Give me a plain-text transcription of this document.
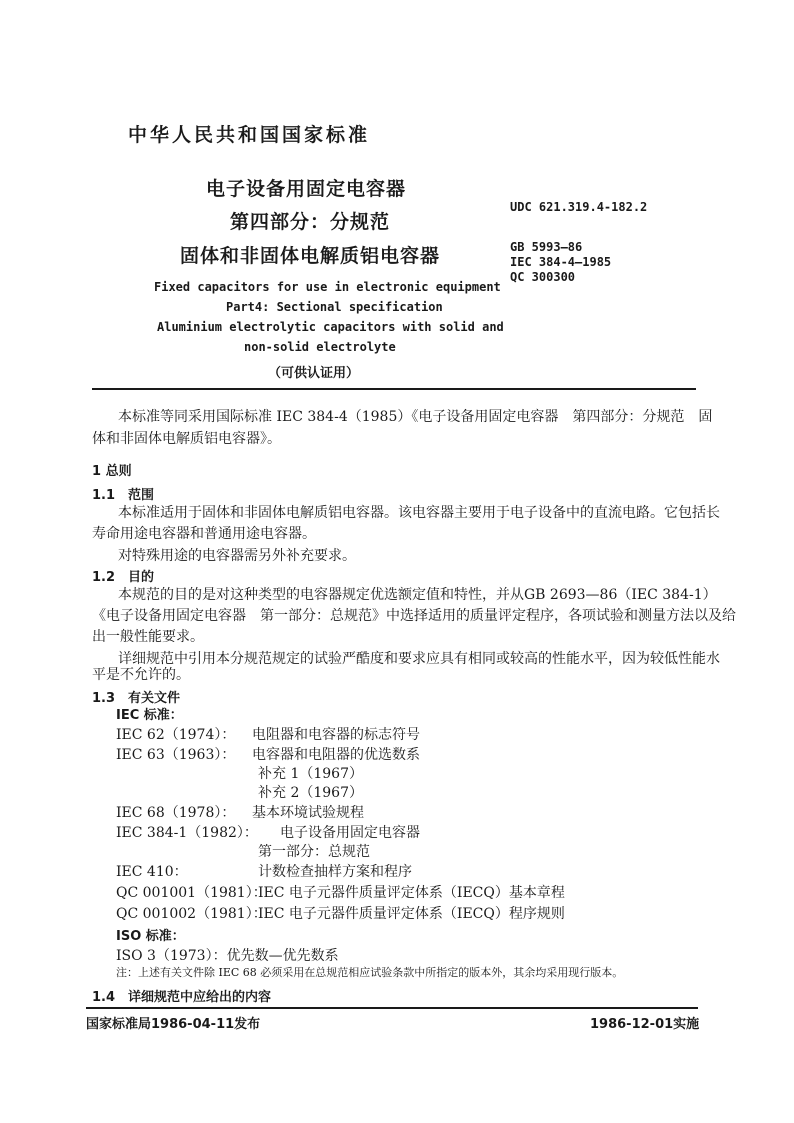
中华人民共和国国家标准
电子设备用固定电容器
第四部分：分规范
固体和非固体电解质铝电容器
UDC 621.319.4-182.2
GB 5993—86
IEC 384-4—1985
QC 300300
Fixed capacitors for use in electronic equipment
Part4: Sectional specification
Aluminium electrolytic capacitors with solid and
non-solid electrolyte
（可供认证用）
本标准等同采用国际标准 IEC 384-4（1985）《电子设备用固定电容器　第四部分：分规范　固
体和非固体电解质铝电容器》。
1 总则
1.1　范围
本标准适用于固体和非固体电解质铝电容器。该电容器主要用于电子设备中的直流电路。它包括长
寿命用途电容器和普通用途电容器。
对特殊用途的电容器需另外补充要求。
1.2　目的
本规范的目的是对这种类型的电容器规定优选额定值和特性，并从GB 2693—86（IEC 384-1）
《电子设备用固定电容器　第一部分：总规范》中选择适用的质量评定程序，各项试验和测量方法以及给
出一般性能要求。
详细规范中引用本分规范规定的试验严酷度和要求应具有相同或较高的性能水平，因为较低性能水
平是不允许的。
1.3　有关文件
IEC 标准：
IEC 62（1974）： 电阻器和电容器的标志符号
IEC 63（1963）： 电容器和电阻器的优选数系
补充 1（1967）
补充 2（1967）
IEC 68（1978）： 基本环境试验规程
IEC 384-1（1982）： 电子设备用固定电容器
第一部分：总规范
IEC 410：	计数检查抽样方案和程序
QC 001001（1981）：
IEC 电子元器件质量评定体系（IECQ）基本章程
QC 001002（1981）：
IEC 电子元器件质量评定体系（IECQ）程序规则
ISO 标准：
ISO 3（1973）：优先数—优先数系
注：上述有关文件除 IEC 68 必须采用在总规范相应试验条款中所指定的版本外，其余均采用现行版本。
1.4　详细规范中应给出的内容
国家标准局1986-04-11发布	1986-12-01实施
